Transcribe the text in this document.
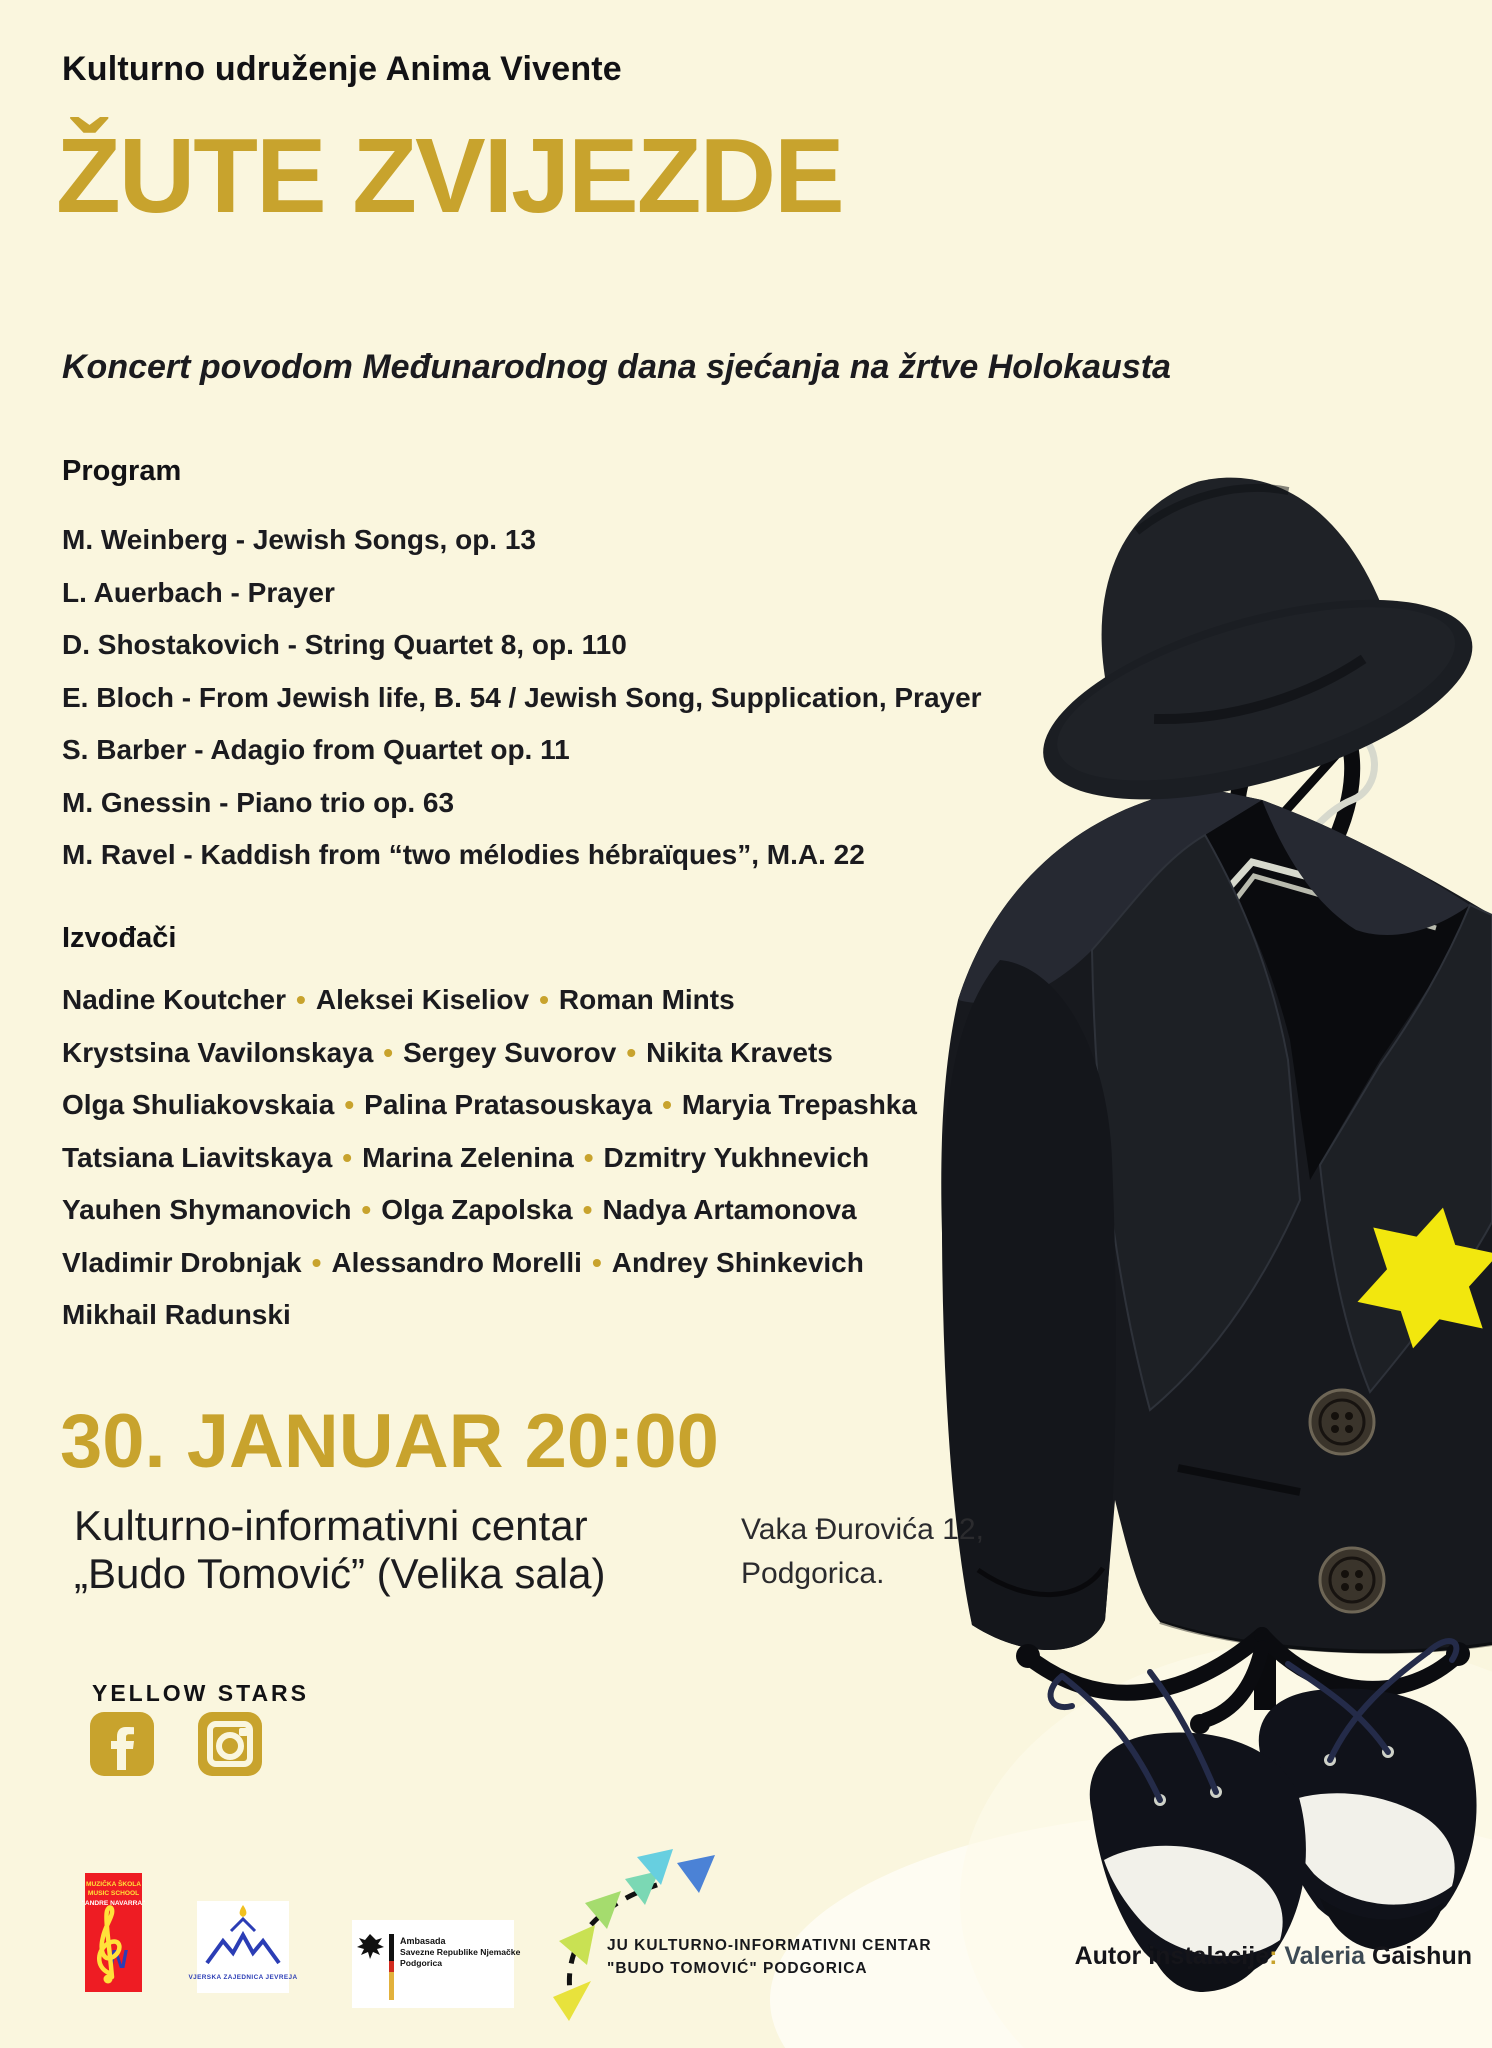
Kulturno udruženje Anima Vivente
ŽUTE ZVIJEZDE
Koncert povodom Međunarodnog dana sjećanja na žrtve Holokausta
Program
M. Weinberg - Jewish Songs, op. 13
L. Auerbach - Prayer
D. Shostakovich - String Quartet 8, op. 110
E. Bloch - From Jewish life, B. 54 / Jewish Song, Supplication, Prayer
S. Barber - Adagio from Quartet op. 11
M. Gnessin - Piano trio op. 63
M. Ravel - Kaddish from “two mélodies hébraïques”, M.A. 22
Izvođači
Nadine Koutcher • Aleksei Kiseliov • Roman Mints
Krystsina Vavilonskaya • Sergey Suvorov • Nikita Kravets
Olga Shuliakovskaia • Palina Pratasouskaya • Maryia Trepashka
Tatsiana Liavitskaya • Marina Zelenina • Dzmitry Yukhnevich
Yauhen Shymanovich • Olga Zapolska • Nadya Artamonova
Vladimir Drobnjak • Alessandro Morelli • Andrey Shinkevich
Mikhail Radunski
30. JANUAR 20:00
Kulturno-informativni centar
„Budo Tomović” (Velika sala)
Vaka Đurovića 12,
Podgorica.
YELLOW STARS
MUZIČKA ŠKOLA
MUSIC SCHOOL
"ANDRE NAVARRA"
N
VJERSKA ZAJEDNICA JEVREJA
Ambasada
Savezne Republike Njemačke
Podgorica
JU KULTURNO-INFORMATIVNI CENTAR
"BUDO TOMOVIĆ" PODGORICA	Autor instalacije: Valeria Gaishun
